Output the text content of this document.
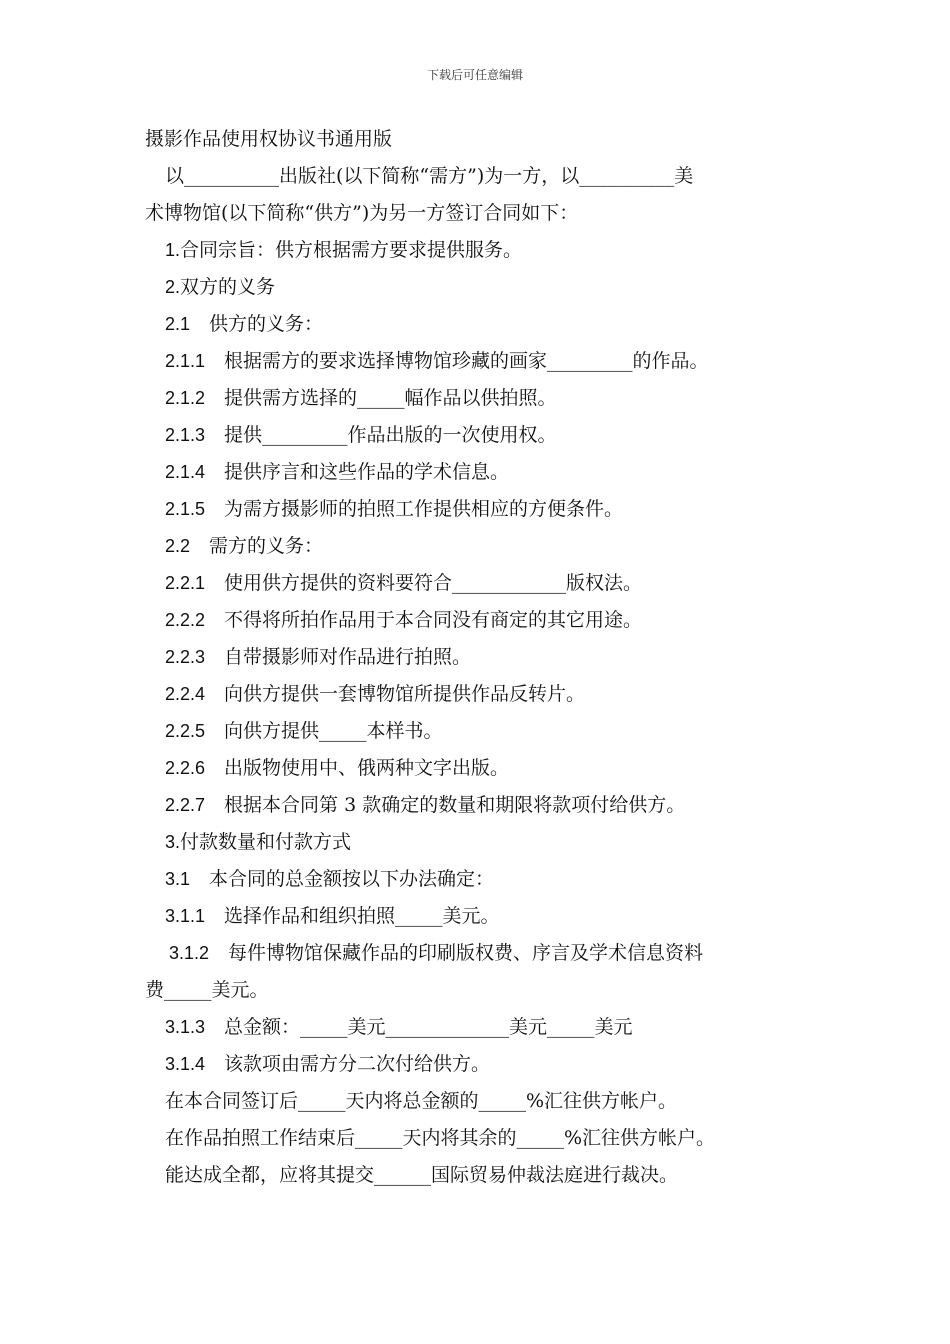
下载后可任意编辑

摄影作品使用权协议书通用版

以__________出版社(以下简称“需方”)为一方，以__________美

术博物馆(以下简称“供方”)为另一方签订合同如下：

1.合同宗旨：供方根据需方要求提供服务。

2.双方的义务

2.1　供方的义务：

2.1.1　根据需方的要求选择博物馆珍藏的画家_________的作品。

2.1.2　提供需方选择的_____幅作品以供拍照。

2.1.3　提供_________作品出版的一次使用权。

2.1.4　提供序言和这些作品的学术信息。

2.1.5　为需方摄影师的拍照工作提供相应的方便条件。

2.2　需方的义务：

2.2.1　使用供方提供的资料要符合____________版权法。

2.2.2　不得将所拍作品用于本合同没有商定的其它用途。

2.2.3　自带摄影师对作品进行拍照。

2.2.4　向供方提供一套博物馆所提供作品反转片。

2.2.5　向供方提供_____本样书。

2.2.6　出版物使用中、俄两种文字出版。

2.2.7　根据本合同第 3 款确定的数量和期限将款项付给供方。

3.付款数量和付款方式

3.1　本合同的总金额按以下办法确定：

3.1.1　选择作品和组织拍照_____美元。

3.1.2　每件博物馆保藏作品的印刷版权费、序言及学术信息资料

费_____美元。

3.1.3　总金额：_____美元_____________美元_____美元

3.1.4　该款项由需方分二次付给供方。

在本合同签订后_____天内将总金额的_____%汇往供方帐户。

在作品拍照工作结束后_____天内将其余的_____%汇往供方帐户。

能达成全都，应将其提交______国际贸易仲裁法庭进行裁决。
